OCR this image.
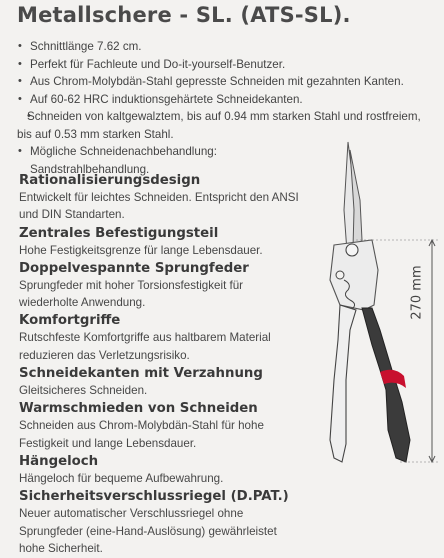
Metallschere - SL. (ATS-SL).
• Schnittlänge 7.62 cm.
• Perfekt für Fachleute und Do-it-yourself-Benutzer.
• Aus Chrom-Molybdän-Stahl gepresste Schneiden mit gezahnten Kanten.
• Auf 60-62 HRC induktionsgehärtete Schneidekanten.
• Schneiden von kaltgewalztem, bis auf 0.94 mm starken Stahl und rostfreiem, bis auf 0.53 mm starken Stahl.
• Mögliche Schneidenachbehandlung: Sandstrahlbehandlung.
Rationalisierungsdesign

Entwickelt für leichtes Schneiden. Entspricht den ANSI und DIN Standarten.

Zentrales Befestigungsteil

Hohe Festigkeitsgrenze für lange Lebensdauer.

Doppelvespannte Sprungfeder

Sprungfeder mit hoher Torsionsfestigkeit für wiederholte Anwendung.

Komfortgriffe

Rutschfeste Komfortgriffe aus haltbarem Material reduzieren das Verletzungsrisiko.

Schneidekanten mit Verzahnung

Gleitsicheres Schneiden.

Warmschmieden von Schneiden

Schneiden aus Chrom-Molybdän-Stahl für hohe Festigkeit und lange Lebensdauer.

Hängeloch

Hängeloch für bequeme Aufbewahrung.

Sicherheitsverschlussriegel (D.PAT.)

Neuer automatischer Verschlussriegel ohne Sprungfeder (eine-Hand-Auslösung) gewährleistet hohe Sicherheit.

270 mm
